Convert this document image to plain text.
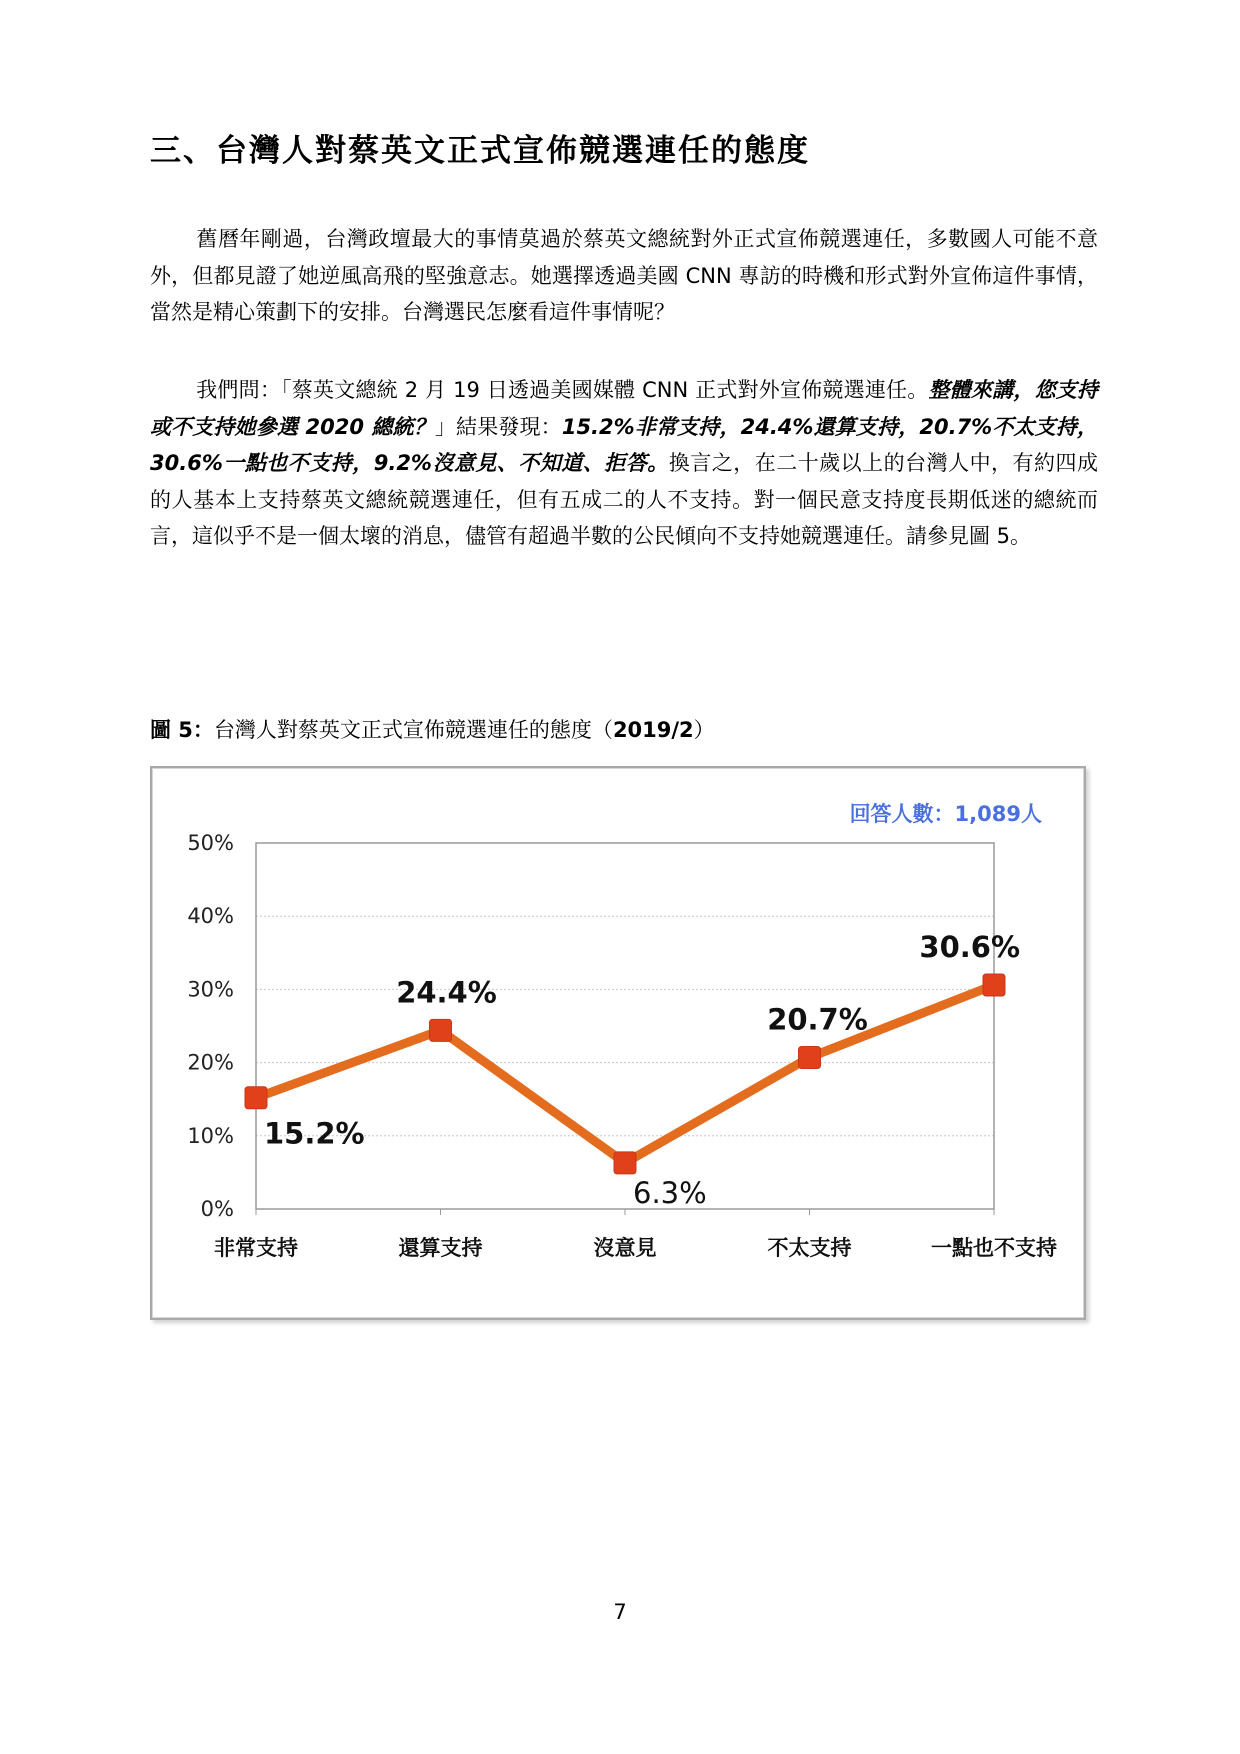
三、台灣人對蔡英文正式宣佈競選連任的態度
舊曆年剛過，台灣政壇最大的事情莫過於蔡英文總統對外正式宣佈競選連任，多數國人可能不意外，但都見證了她逆風高飛的堅強意志。她選擇透過美國 CNN 專訪的時機和形式對外宣佈這件事情，當然是精心策劃下的安排。台灣選民怎麼看這件事情呢？
我們問：「蔡英文總統 2 月 19 日透過美國媒體 CNN 正式對外宣佈競選連任。整體來講，您支持或不支持她參選 2020 總統？」結果發現：15.2%非常支持，24.4%還算支持，20.7%不太支持，30.6%一點也不支持，9.2%沒意見、不知道、拒答。換言之，在二十歲以上的台灣人中，有約四成的人基本上支持蔡英文總統競選連任，但有五成二的人不支持。對一個民意支持度長期低迷的總統而言，這似乎不是一個太壞的消息，儘管有超過半數的公民傾向不支持她競選連任。請參見圖 5。
圖 5：台灣人對蔡英文正式宣佈競選連任的態度（2019/2）
0%
10%
20%
30%
40%
50%
非常支持	還算支持	沒意見	不太支持	一點也不支持
15.2%
24.4%
6.3%
20.7%
30.6%
回答人數：1,089人
7
